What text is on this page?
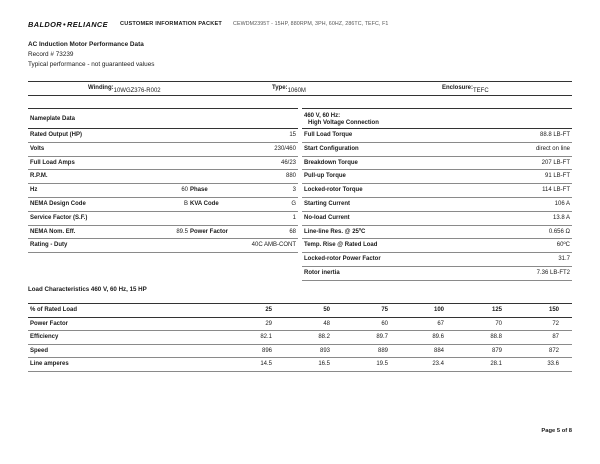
BALDOR•RELIANCE CUSTOMER INFORMATION PACKET CEWDM2395T - 15HP, 880RPM, 3PH, 60HZ, 286TC, TEFC, F1
AC Induction Motor Performance Data
Record # 73239
Typical performance - not guaranteed values
Winding: 10WGZ376-R002	Type: 1060M	Enclosure: TEFC
Nameplate Data
Rated Output (HP)	15
Volts	230/460
Full Load Amps	46/23
R.P.M.	880
Hz	60 Phase	3
NEMA Design Code	B KVA Code	G
Service Factor (S.F.)	1
NEMA Nom. Eff.	89.5 Power Factor	68
Rating - Duty	40C AMB-CONT
460 V, 60 Hz:
High Voltage Connection
Full Load Torque	88.8 LB-FT
Start Configuration	direct on line
Breakdown Torque	207 LB-FT
Pull-up Torque	91 LB-FT
Locked-rotor Torque	114 LB-FT
Starting Current	106 A
No-load Current	13.8 A
Line-line Res. @ 25ºC	0.656 Ω
Temp. Rise @ Rated Load	60ºC
Locked-rotor Power Factor	31.7
Rotor inertia	7.36 LB-FT2
Load Characteristics 460 V, 60 Hz, 15 HP
% of Rated Load	25	50	75	100	125	150
Power Factor	29	48	60	67	70	72
Efficiency	82.1	88.2	89.7	89.6	88.8	87
Speed	896	893	889	884	879	872
Line amperes	14.5	16.5	19.5	23.4	28.1	33.6
Page 5 of 8
